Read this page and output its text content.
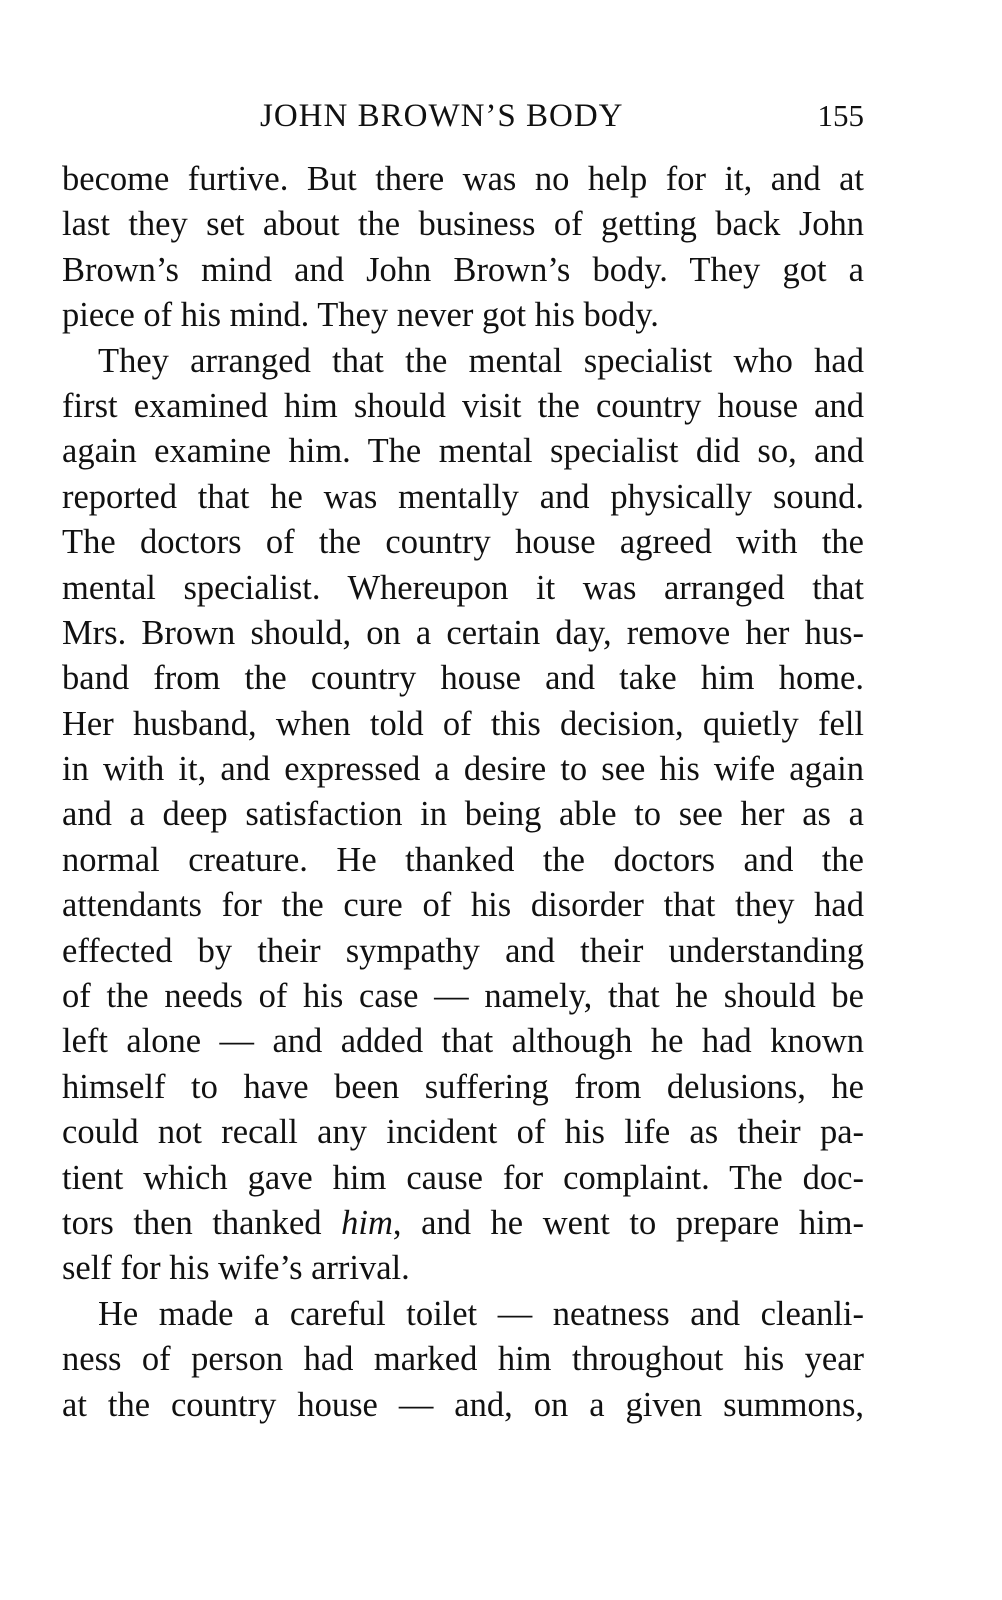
JOHN BROWN’S BODY	155
become furtive. But there was no help for it, and at
last they set about the business of getting back John
Brown’s mind and John Brown’s body. They got a
piece of his mind. They never got his body.
They arranged that the mental specialist who had
first examined him should visit the country house and
again examine him. The mental specialist did so, and
reported that he was mentally and physically sound.
The doctors of the country house agreed with the
mental specialist. Whereupon it was arranged that
Mrs. Brown should, on a certain day, remove her hus-
band from the country house and take him home.
Her husband, when told of this decision, quietly fell
in with it, and expressed a desire to see his wife again
and a deep satisfaction in being able to see her as a
normal creature. He thanked the doctors and the
attendants for the cure of his disorder that they had
effected by their sympathy and their understanding
of the needs of his case — namely, that he should be
left alone — and added that although he had known
himself to have been suffering from delusions, he
could not recall any incident of his life as their pa-
tient which gave him cause for complaint. The doc-
tors then thanked him, and he went to prepare him-
self for his wife’s arrival.
He made a careful toilet — neatness and cleanli-
ness of person had marked him throughout his year
at the country house — and, on a given summons,
